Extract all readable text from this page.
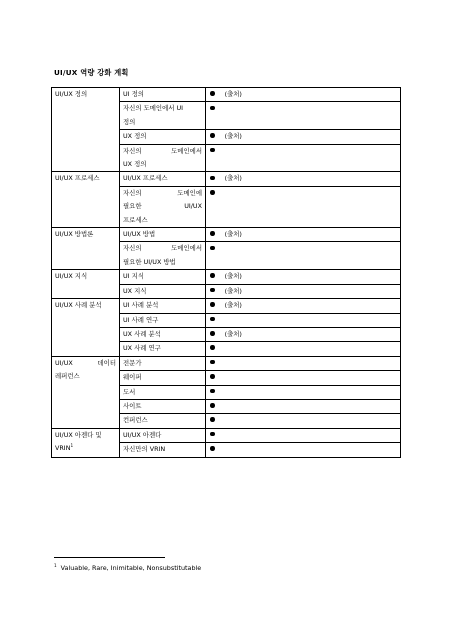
UI/UX 역량 강화 계획
UI/UX 정의	UI 정의	(출처)

	자신의 도메인에서 UI
정의	

	UX 정의	(출처)

	자신의 도메인에서
UX 정의	

UI/UX 프로세스	UI/UX 프로세스	(출처)

	자신의 도메인에
필요한 UI/UX
프로세스	

UI/UX 방법론	UI/UX 방법	(출처)

	자신의 도메인에서
필요한 UI/UX 방법	

UI/UX 지식	UI 지식	(출처)
	UX 지식	(출처)
UI/UX 사례 분석	UI 사례 분석	(출처)
	UI 사례 연구	
	UX 사례 분석	(출처)
	UX 사례 연구	

UI/UX 데이터
레퍼런스	전문가	
	웨이퍼	
	도서	
	사이트	
	컨퍼런스	

UI/UX 아젠다 및
VRIN$^1$	UI/UX 아젠다	
	자신만의 VRIN	
$^1$ Valuable, Rare, Inimitable, Nonsubstitutable
